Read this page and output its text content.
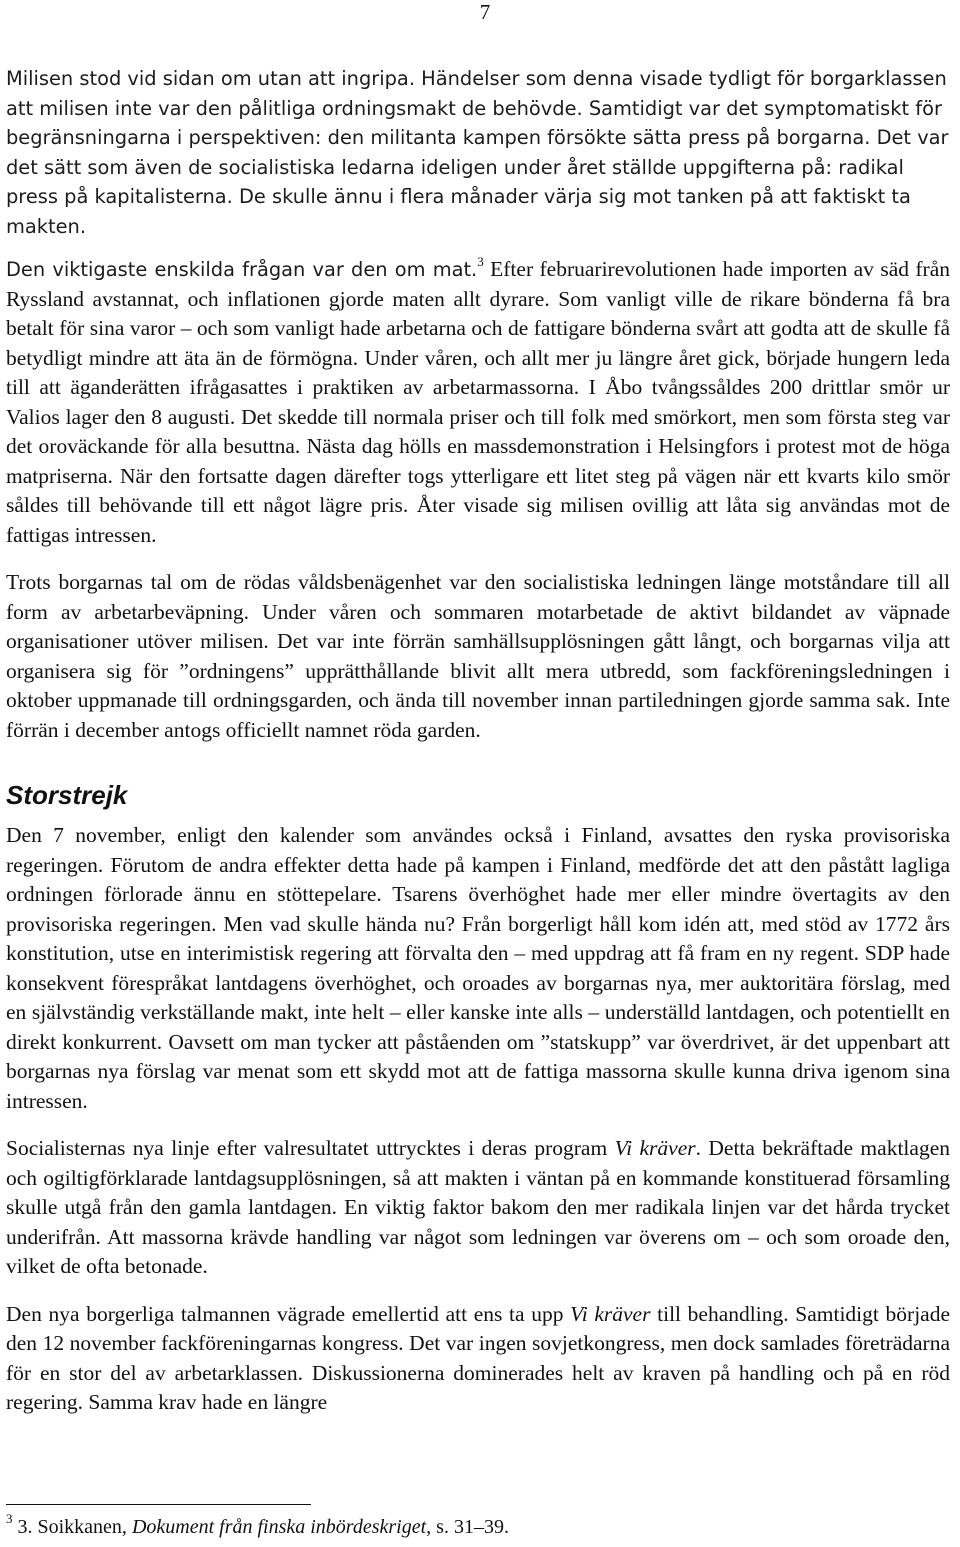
7

Milisen stod vid sidan om utan att ingripa. Händelser som denna visade tydligt för borgarklassen att milisen inte var den pålitliga ordningsmakt de behövde. Samtidigt var det symptomatiskt för begränsningarna i perspektiven: den militanta kampen försökte sätta press på borgarna. Det var det sätt som även de socialistiska ledarna ideligen under året ställde uppgifterna på: radikal press på kapitalisterna. De skulle ännu i flera månader värja sig mot tanken på att faktiskt ta makten.

Den viktigaste enskilda frågan var den om mat.$^3$ Efter februarirevolutionen hade importen av säd från Ryssland avstannat, och inflationen gjorde maten allt dyrare. Som vanligt ville de rikare bönderna få bra betalt för sina varor – och som vanligt hade arbetarna och de fattigare bönderna svårt att godta att de skulle få betydligt mindre att äta än de förmögna. Under våren, och allt mer ju längre året gick, började hungern leda till att äganderätten ifrågasattes i praktiken av arbetarmassorna. I Åbo tvångssåldes 200 drittlar smör ur Valios lager den 8 augusti. Det skedde till normala priser och till folk med smörkort, men som första steg var det oroväckande för alla besuttna. Nästa dag hölls en massdemonstration i Helsingfors i protest mot de höga matpriserna. När den fortsatte dagen därefter togs ytterligare ett litet steg på vägen när ett kvarts kilo smör såldes till behövande till ett något lägre pris. Åter visade sig milisen ovillig att låta sig användas mot de fattigas intressen.

Trots borgarnas tal om de rödas våldsbenägenhet var den socialistiska ledningen länge motståndare till all form av arbetarbeväpning. Under våren och sommaren motarbetade de aktivt bildandet av väpnade organisationer utöver milisen. Det var inte förrän samhällsupplösningen gått långt, och borgarnas vilja att organisera sig för ”ordningens” upprätthållande blivit allt mera utbredd, som fackföreningsledningen i oktober uppmanade till ordningsgarden, och ända till november innan partiledningen gjorde samma sak. Inte förrän i december antogs officiellt namnet röda garden.

Storstrejk

Den 7 november, enligt den kalender som användes också i Finland, avsattes den ryska provisoriska regeringen. Förutom de andra effekter detta hade på kampen i Finland, medförde det att den påstått lagliga ordningen förlorade ännu en stöttepelare. Tsarens överhöghet hade mer eller mindre övertagits av den provisoriska regeringen. Men vad skulle hända nu? Från borgerligt håll kom idén att, med stöd av 1772 års konstitution, utse en interimistisk regering att förvalta den – med uppdrag att få fram en ny regent. SDP hade konsekvent förespråkat lantdagens överhöghet, och oroades av borgarnas nya, mer auktoritära förslag, med en självständig verkställande makt, inte helt – eller kanske inte alls – underställd lantdagen, och potentiellt en direkt konkurrent. Oavsett om man tycker att påståenden om ”statskupp” var överdrivet, är det uppenbart att borgarnas nya förslag var menat som ett skydd mot att de fattiga massorna skulle kunna driva igenom sina intressen.

Socialisternas nya linje efter valresultatet uttrycktes i deras program Vi kräver. Detta bekräftade maktlagen och ogiltigförklarade lantdagsupplösningen, så att makten i väntan på en kommande konstituerad församling skulle utgå från den gamla lantdagen. En viktig faktor bakom den mer radikala linjen var det hårda trycket underifrån. Att massorna krävde handling var något som ledningen var överens om – och som oroade den, vilket de ofta betonade.

Den nya borgerliga talmannen vägrade emellertid att ens ta upp Vi kräver till behandling. Samtidigt började den 12 november fackföreningarnas kongress. Det var ingen sovjetkongress, men dock samlades företrädarna för en stor del av arbetarklassen. Diskussionerna dominerades helt av kraven på handling och på en röd regering. Samma krav hade en längre

$^3$ 3. Soikkanen, Dokument från finska inbördeskriget, s. 31–39.
